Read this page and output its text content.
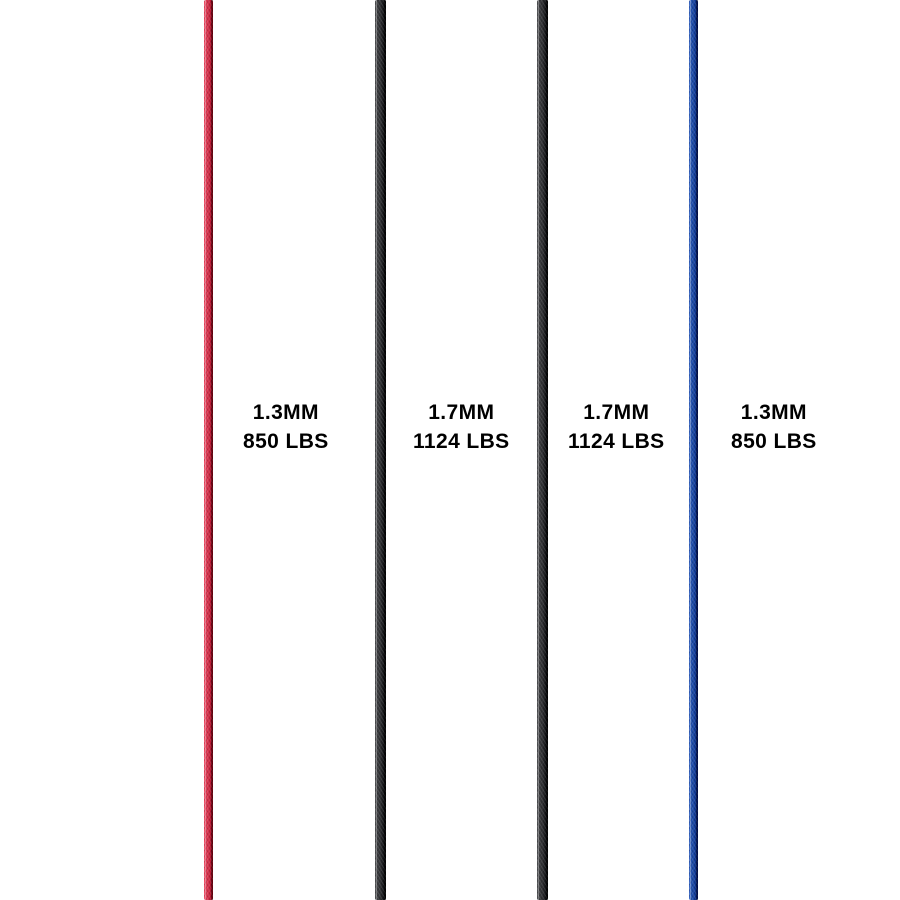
1.3MM
850 LBS
1.7MM
1124 LBS
1.7MM
1124 LBS
1.3MM
850 LBS
